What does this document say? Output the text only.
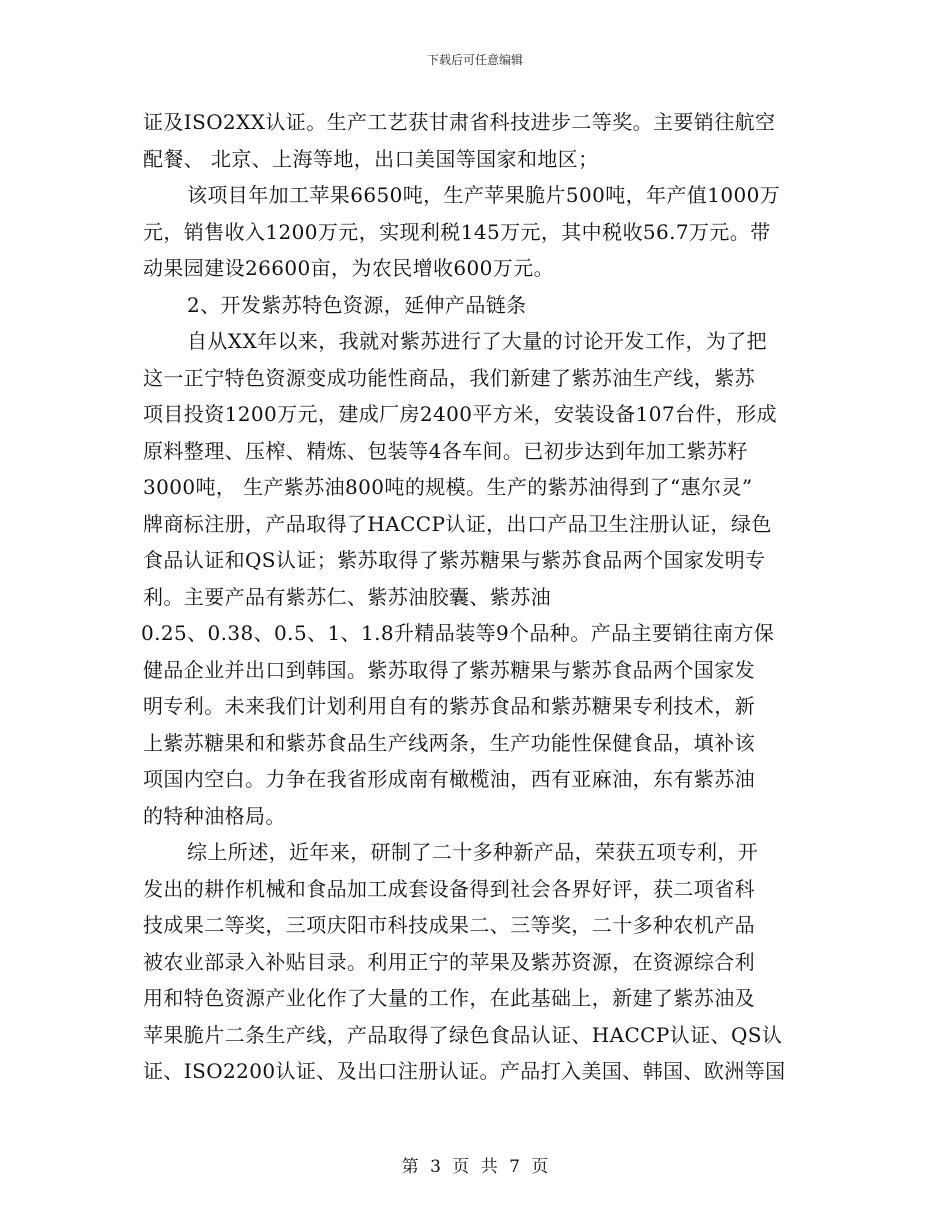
下载后可任意编辑
证及ISO2XX认证。生产工艺获甘肃省科技进步二等奖。主要销往航空
配餐、 北京、上海等地，出口美国等国家和地区；
该项目年加工苹果6650吨，生产苹果脆片500吨，年产值1000万
元，销售收入1200万元，实现利税145万元，其中税收56.7万元。带
动果园建设26600亩，为农民增收600万元。
2、开发紫苏特色资源，延伸产品链条
自从XX年以来，我就对紫苏进行了大量的讨论开发工作，为了把
这一正宁特色资源变成功能性商品，我们新建了紫苏油生产线，紫苏
项目投资1200万元，建成厂房2400平方米，安装设备107台件，形成
原料整理、压榨、精炼、包装等4各车间。已初步达到年加工紫苏籽
3000吨， 生产紫苏油800吨的规模。生产的紫苏油得到了“惠尔灵”
牌商标注册，产品取得了HACCP认证，出口产品卫生注册认证，绿色
食品认证和QS认证；紫苏取得了紫苏糖果与紫苏食品两个国家发明专
利。主要产品有紫苏仁、紫苏油胶囊、紫苏油
0.25、0.38、0.5、1、1.8升精品装等9个品种。产品主要销往南方保
健品企业并出口到韩国。紫苏取得了紫苏糖果与紫苏食品两个国家发
明专利。未来我们计划利用自有的紫苏食品和紫苏糖果专利技术，新
上紫苏糖果和和紫苏食品生产线两条，生产功能性保健食品，填补该
项国内空白。力争在我省形成南有橄榄油，西有亚麻油，东有紫苏油
的特种油格局。
综上所述，近年来，研制了二十多种新产品，荣获五项专利，开
发出的耕作机械和食品加工成套设备得到社会各界好评，获二项省科
技成果二等奖，三项庆阳市科技成果二、三等奖，二十多种农机产品
被农业部录入补贴目录。利用正宁的苹果及紫苏资源，在资源综合利
用和特色资源产业化作了大量的工作，在此基础上，新建了紫苏油及
苹果脆片二条生产线，产品取得了绿色食品认证、HACCP认证、QS认
证、ISO2200认证、及出口注册认证。产品打入美国、韩国、欧洲等国
第 3 页 共 7 页
